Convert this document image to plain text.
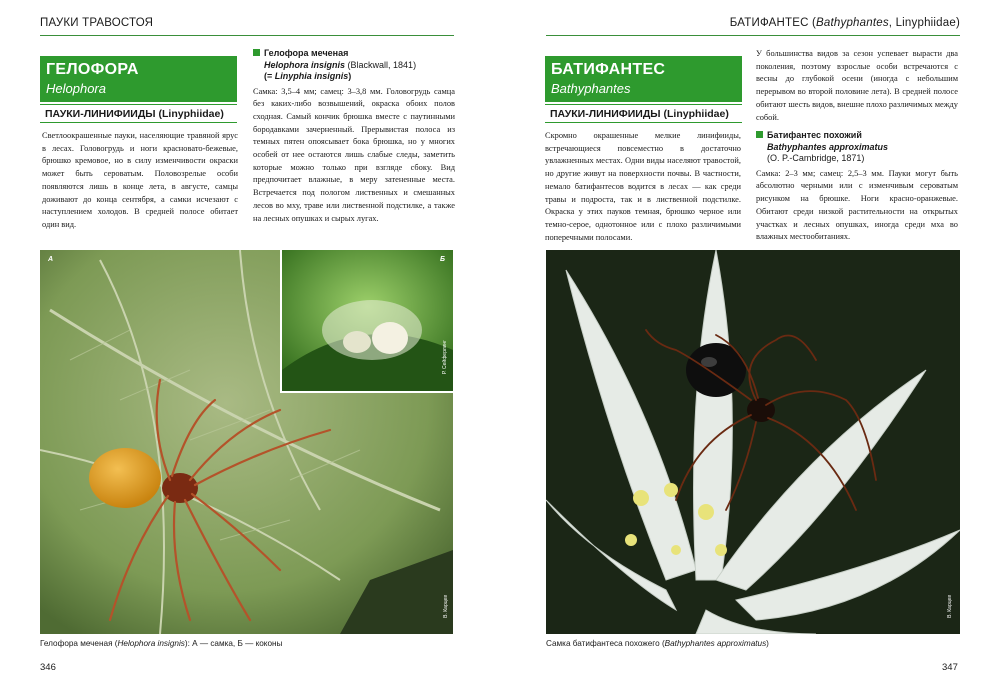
ПАУКИ ТРАВОСТОЯ
ГЕЛОФОРА
Helophora
ПАУКИ-ЛИНИФИИДЫ (Linyphiidae)
Светлоокрашенные пауки, населяющие травяной ярус в лесах. Головогрудь и ноги красновато-бежевые, брюшко кремовое, но в силу изменчивости окраски может быть сероватым. Половозрелые особи появляются лишь в конце лета, в августе, самцы доживают до конца сентября, а самки исчезают с наступлением холодов. В средней полосе обитает один вид.
Гелофора меченая
Helophora insignis (Blackwall, 1841)
(= Linyphia insignis)
Самка: 3,5–4 мм; самец: 3–3,8 мм. Головогрудь самца без каких-либо возвышений, окраска обоих полов сходная. Самый кончик брюшка вместе с паутинными бородавками зачерненный. Прерывистая полоса из темных пятен опоясывает бока брюшка, но у многих особей от нее остаются лишь слабые следы, заметить которые можно только при взгляде сбоку. Вид предпочитает влажные, в меру затененные места. Встречается под пологом лиственных и смешанных лесов во мху, траве или лиственной подстилке, а также на лесных опушках и сырых лугах.
А
В. Карцев
Б
Р. Сейферлинг
Гелофора меченая (Helophora insignis): А — самка, Б — коконы
346
БАТИФАНТЕС (Bathyphantes, Linyphiidae)
БАТИФАНТЕС
Bathyphantes
ПАУКИ-ЛИНИФИИДЫ (Linyphiidae)
Скромно окрашенные мелкие линифииды, встречающиеся повсеместно в достаточно увлажненных местах. Одни виды населяют травостой, но другие живут на поверхности почвы. В частности, немало батифантесов водится в лесах — как среди травы и подроста, так и в лиственной подстилке. Окраска у этих пауков темная, брюшко черное или темно-серое, однотонное или с плохо различимыми поперечными полосами.
У большинства видов за сезон успевает вырасти два поколения, поэтому взрослые особи встречаются с весны до глубокой осени (иногда с небольшим перерывом во второй половине лета). В средней полосе обитают шесть видов, внешне плохо различимых между собой.
Батифантес похожий
Bathyphantes approximatus
(O. P.-Cambridge, 1871)
Самка: 2–3 мм; самец: 2,5–3 мм. Пауки могут быть абсолютно черными или с изменчивым сероватым рисунком на брюшке. Ноги красно-оранжевые. Обитают среди низкой растительности на открытых участках и лесных опушках, иногда среди мха во влажных местообитаниях.
В. Карцев
Самка батифантеса похожего (Bathyphantes approximatus)
347
